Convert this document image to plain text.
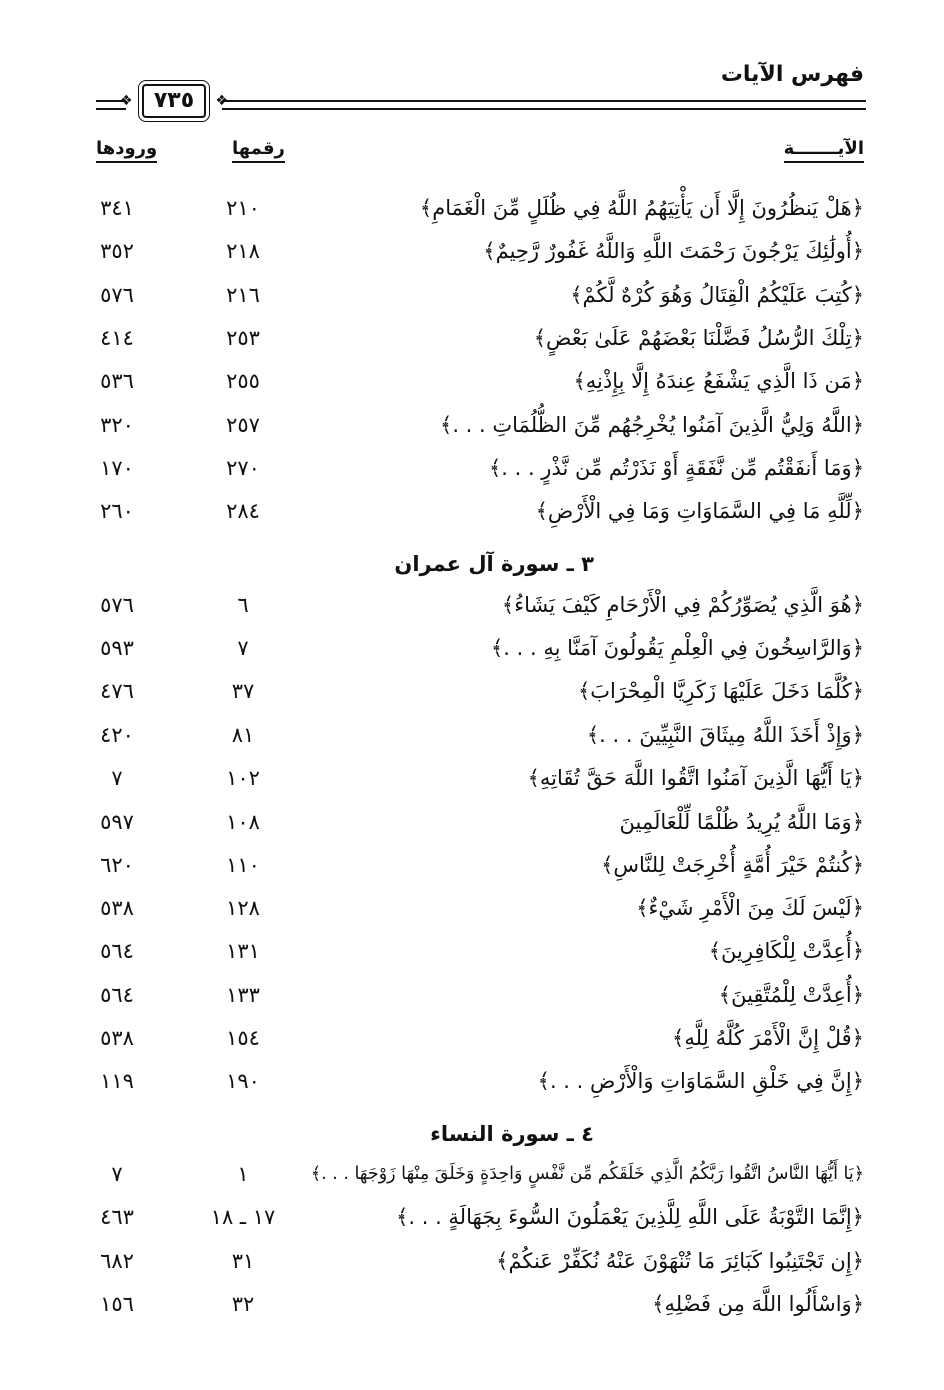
فهرس الآيات
❖ ٧٣٥	❖
الآيـــــــة
رقمها
ورودها
﴿هَلْ يَنظُرُونَ إِلَّا أَن يَأْتِيَهُمُ اللَّهُ فِي ظُلَلٍ مِّنَ الْغَمَامِ﴾
٢١٠
٣٤١
﴿أُولَٰئِكَ يَرْجُونَ رَحْمَتَ اللَّهِ وَاللَّهُ غَفُورٌ رَّحِيمٌ﴾
٢١٨
٣٥٢
﴿كُتِبَ عَلَيْكُمُ الْقِتَالُ وَهُوَ كُرْهٌ لَّكُمْ﴾
٢١٦
٥٧٦
﴿تِلْكَ الرُّسُلُ فَضَّلْنَا بَعْضَهُمْ عَلَىٰ بَعْضٍ﴾
٢٥٣
٤١٤
﴿مَن ذَا الَّذِي يَشْفَعُ عِندَهُ إِلَّا بِإِذْنِهِ﴾
٢٥٥
٥٣٦
﴿اللَّهُ وَلِيُّ الَّذِينَ آمَنُوا يُخْرِجُهُم مِّنَ الظُّلُمَاتِ . . .﴾
٢٥٧
٣٢٠
﴿وَمَا أَنفَقْتُم مِّن نَّفَقَةٍ أَوْ نَذَرْتُم مِّن نَّذْرٍ . . .﴾
٢٧٠
١٧٠
﴿لِّلَّهِ مَا فِي السَّمَاوَاتِ وَمَا فِي الْأَرْضِ﴾
٢٨٤
٢٦٠
٣ ـ سورة آل عمران
﴿هُوَ الَّذِي يُصَوِّرُكُمْ فِي الْأَرْحَامِ كَيْفَ يَشَاءُ﴾
٦
٥٧٦
﴿وَالرَّاسِخُونَ فِي الْعِلْمِ يَقُولُونَ آمَنَّا بِهِ . . .﴾
٧
٥٩٣
﴿كُلَّمَا دَخَلَ عَلَيْهَا زَكَرِيَّا الْمِحْرَابَ﴾
٣٧
٤٧٦
﴿وَإِذْ أَخَذَ اللَّهُ مِيثَاقَ النَّبِيِّينَ . . .﴾
٨١
٤٢٠
﴿يَا أَيُّهَا الَّذِينَ آمَنُوا اتَّقُوا اللَّهَ حَقَّ تُقَاتِهِ﴾
١٠٢
٧
﴿وَمَا اللَّهُ يُرِيدُ ظُلْمًا لِّلْعَالَمِينَ
١٠٨
٥٩٧
﴿كُنتُمْ خَيْرَ أُمَّةٍ أُخْرِجَتْ لِلنَّاسِ﴾
١١٠
٦٢٠
﴿لَيْسَ لَكَ مِنَ الْأَمْرِ شَيْءٌ﴾
١٢٨
٥٣٨
﴿أُعِدَّتْ لِلْكَافِرِينَ﴾
١٣١
٥٦٤
﴿أُعِدَّتْ لِلْمُتَّقِينَ﴾
١٣٣
٥٦٤
﴿قُلْ إِنَّ الْأَمْرَ كُلَّهُ لِلَّهِ﴾
١٥٤
٥٣٨
﴿إِنَّ فِي خَلْقِ السَّمَاوَاتِ وَالْأَرْضِ . . .﴾
١٩٠
١١٩
٤ ـ سورة النساء
﴿يَا أَيُّهَا النَّاسُ اتَّقُوا رَبَّكُمُ الَّذِي خَلَقَكُم مِّن نَّفْسٍ وَاحِدَةٍ وَخَلَقَ مِنْهَا زَوْجَهَا . . .﴾
١
٧
﴿إِنَّمَا التَّوْبَةُ عَلَى اللَّهِ لِلَّذِينَ يَعْمَلُونَ السُّوءَ بِجَهَالَةٍ . . .﴾
١٧ ـ ١٨
٤٦٣
﴿إِن تَجْتَنِبُوا كَبَائِرَ مَا تُنْهَوْنَ عَنْهُ نُكَفِّرْ عَنكُمْ﴾
٣١
٦٨٢
﴿وَاسْأَلُوا اللَّهَ مِن فَضْلِهِ﴾
٣٢
١٥٦
